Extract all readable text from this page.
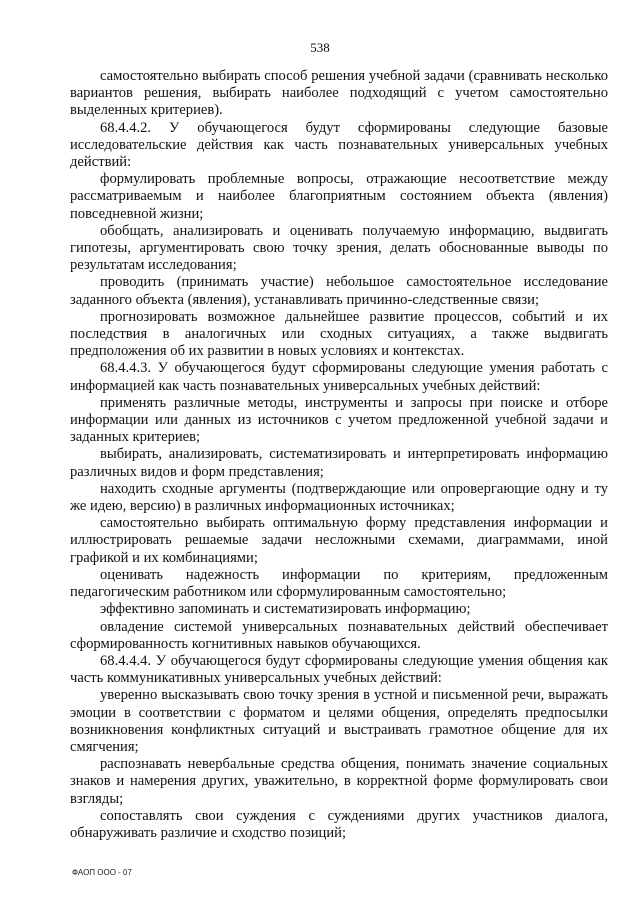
538

самостоятельно выбирать способ решения учебной задачи (сравнивать несколько вариантов решения, выбирать наиболее подходящий с учетом самостоятельно выделенных критериев).

68.4.4.2. У обучающегося будут сформированы следующие базовые исследовательские действия как часть познавательных универсальных учебных действий:

формулировать проблемные вопросы, отражающие несоответствие между рассматриваемым и наиболее благоприятным состоянием объекта (явления) повседневной жизни;

обобщать, анализировать и оценивать получаемую информацию, выдвигать гипотезы, аргументировать свою точку зрения, делать обоснованные выводы по результатам исследования;

проводить (принимать участие) небольшое самостоятельное исследование заданного объекта (явления), устанавливать причинно-следственные связи;

прогнозировать возможное дальнейшее развитие процессов, событий и их последствия в аналогичных или сходных ситуациях, а также выдвигать предположения об их развитии в новых условиях и контекстах.

68.4.4.3. У обучающегося будут сформированы следующие умения работать с информацией как часть познавательных универсальных учебных действий:

применять различные методы, инструменты и запросы при поиске и отборе информации или данных из источников с учетом предложенной учебной задачи и заданных критериев;

выбирать, анализировать, систематизировать и интерпретировать информацию различных видов и форм представления;

находить сходные аргументы (подтверждающие или опровергающие одну и ту же идею, версию) в различных информационных источниках;

самостоятельно выбирать оптимальную форму представления информации и иллюстрировать решаемые задачи несложными схемами, диаграммами, иной графикой и их комбинациями;

оценивать надежность информации по критериям, предложенным педагогическим работником или сформулированным самостоятельно;

эффективно запоминать и систематизировать информацию;

овладение системой универсальных познавательных действий обеспечивает сформированность когнитивных навыков обучающихся.

68.4.4.4. У обучающегося будут сформированы следующие умения общения как часть коммуникативных универсальных учебных действий:

уверенно высказывать свою точку зрения в устной и письменной речи, выражать эмоции в соответствии с форматом и целями общения, определять предпосылки возникновения конфликтных ситуаций и выстраивать грамотное общение для их смягчения;

распознавать невербальные средства общения, понимать значение социальных знаков и намерения других, уважительно, в корректной форме формулировать свои взгляды;

сопоставлять свои суждения с суждениями других участников диалога, обнаруживать различие и сходство позиций;

ФАОП ООО - 07
